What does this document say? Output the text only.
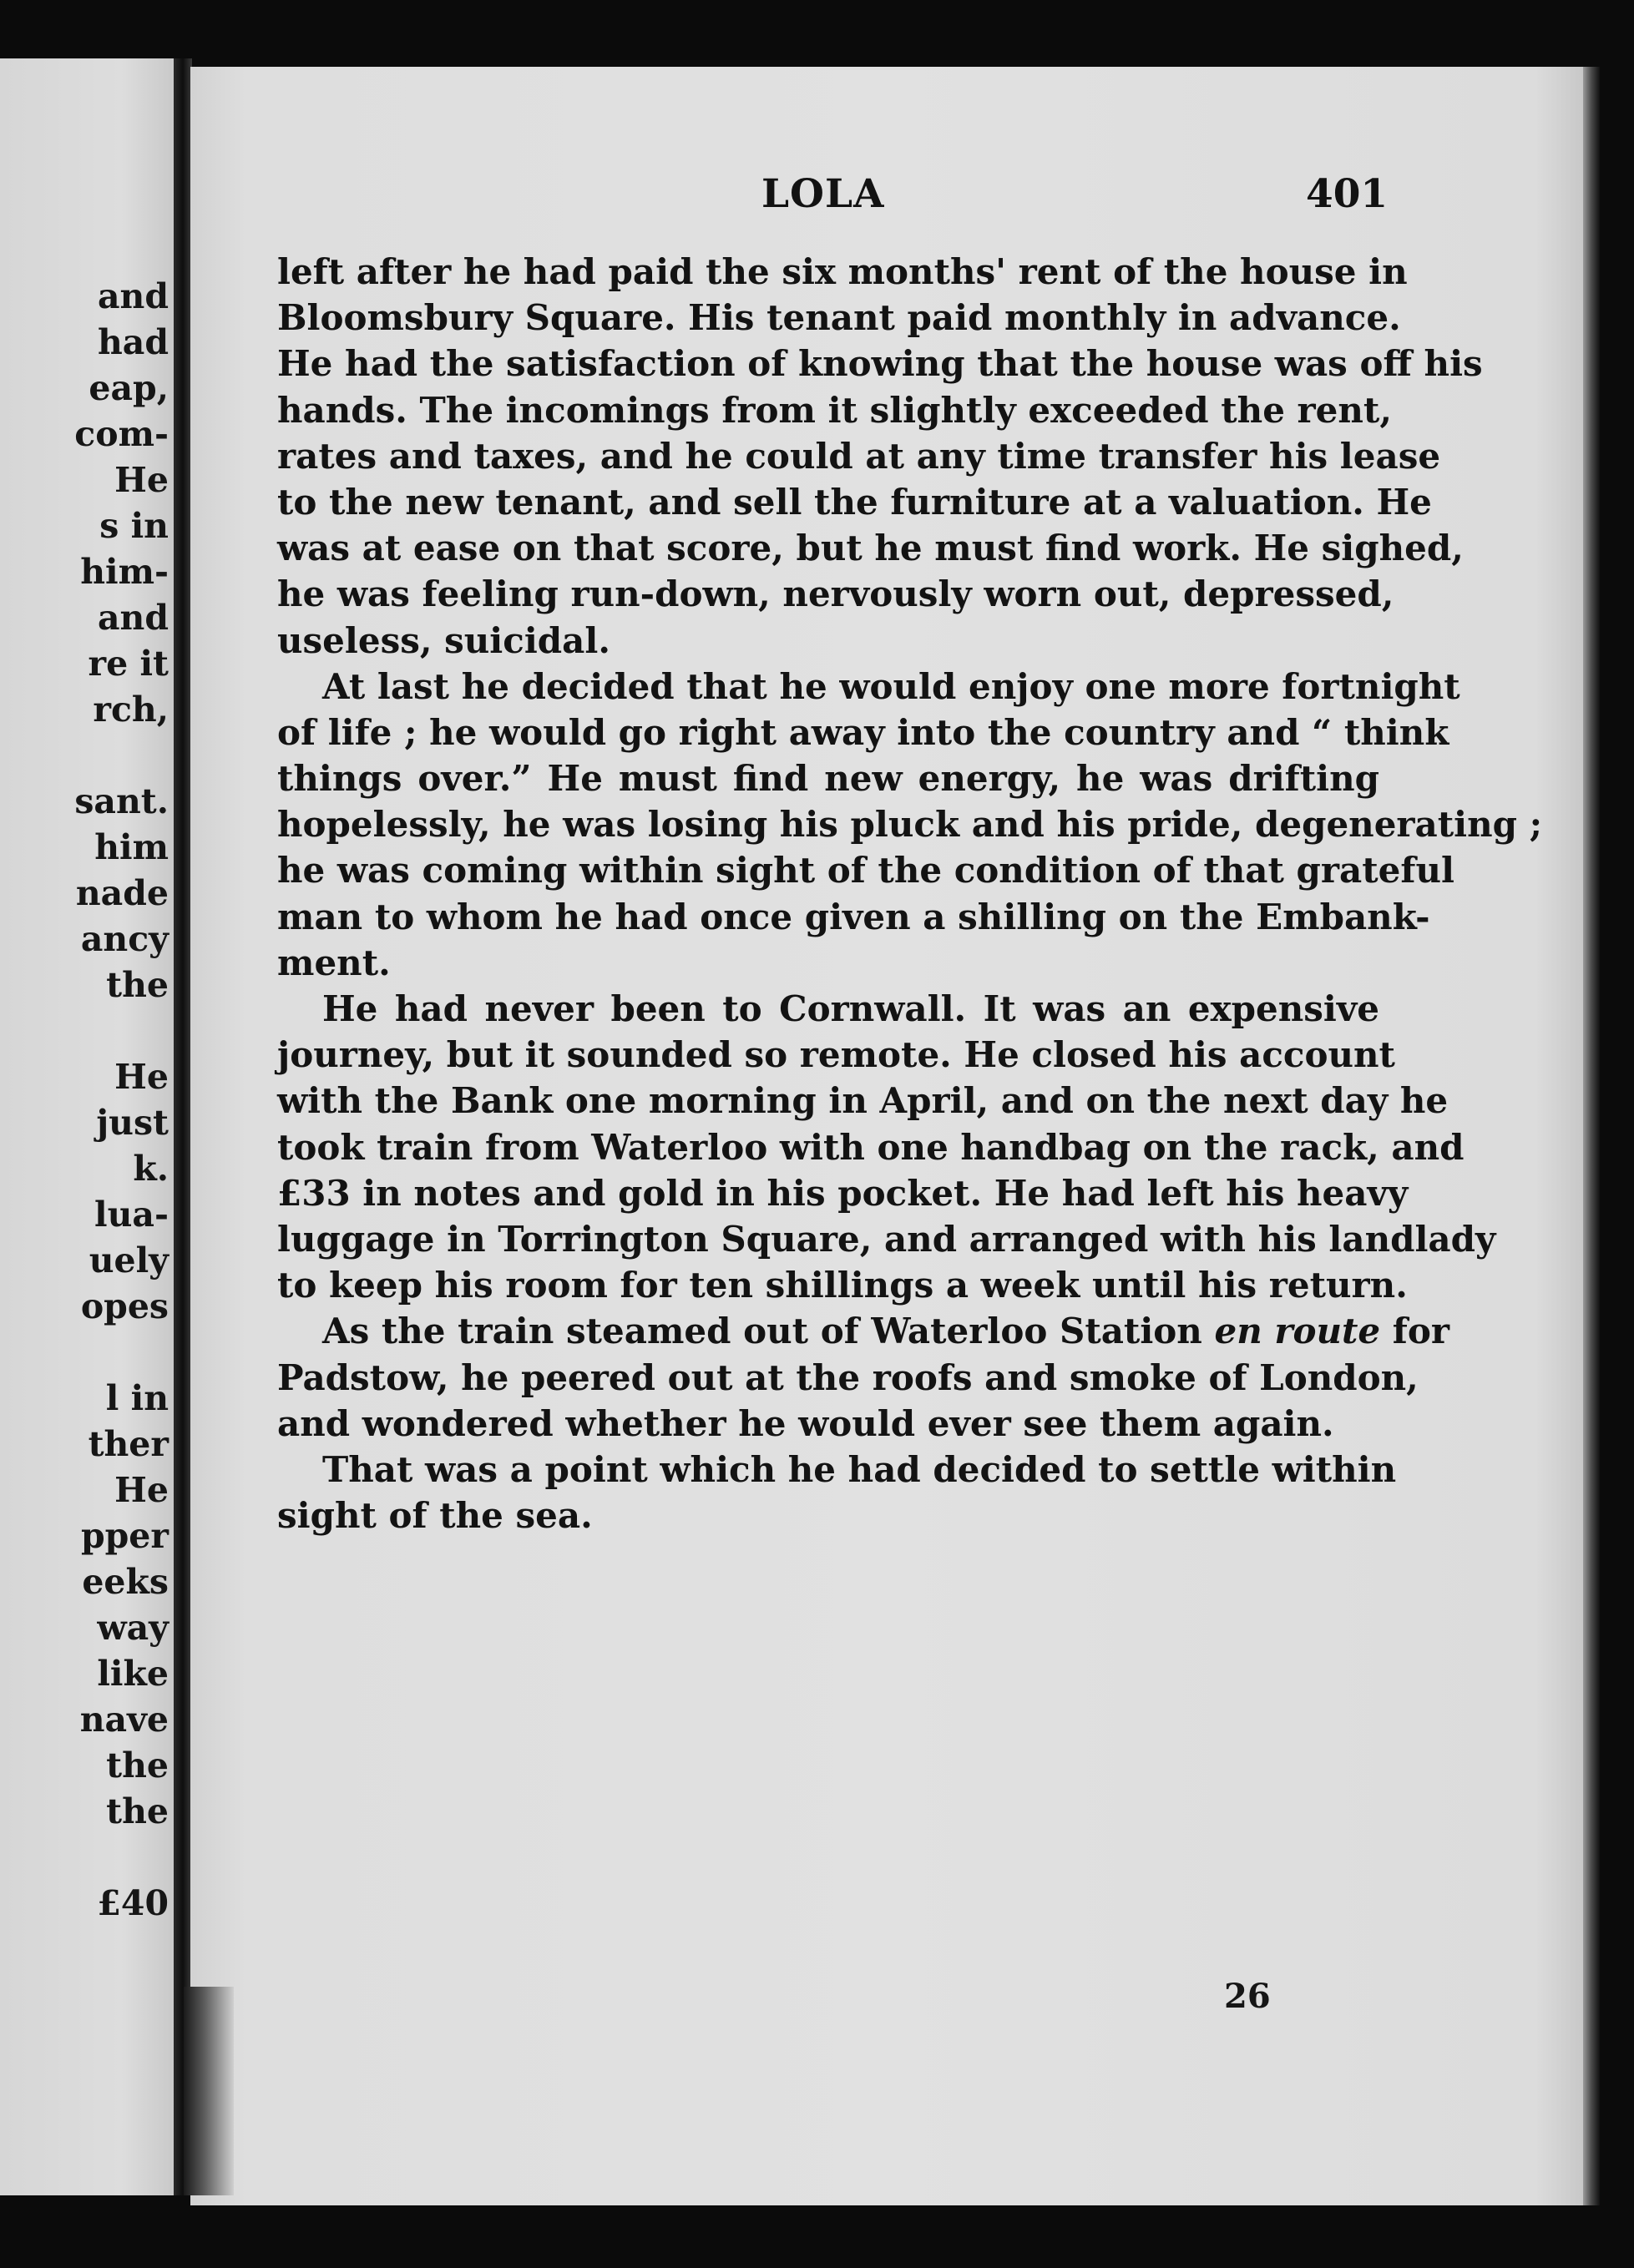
and
had
eap,
com-
He
s in
him-
and
re it
rch,
sant.
him
nade
ancy
the
He
just
k.
lua-
uely
opes
l in
ther
He
pper
eeks
way
like
nave
the
the
£40
LOLA	401
left after he had paid the six months' rent of the house in
Bloomsbury Square. His tenant paid monthly in advance.
He had the satisfaction of knowing that the house was off his
hands. The incomings from it slightly exceeded the rent,
rates and taxes, and he could at any time transfer his lease
to the new tenant, and sell the furniture at a valuation. He
was at ease on that score, but he must find work. He sighed,
he was feeling run-down, nervously worn out, depressed,
useless, suicidal.
At last he decided that he would enjoy one more fortnight
of life ; he would go right away into the country and “ think
things over.” He must find new energy, he was drifting
hopelessly, he was losing his pluck and his pride, degenerating ;
he was coming within sight of the condition of that grateful
man to whom he had once given a shilling on the Embank-
ment.
He had never been to Cornwall. It was an expensive
journey, but it sounded so remote. He closed his account
with the Bank one morning in April, and on the next day he
took train from Waterloo with one handbag on the rack, and
£33 in notes and gold in his pocket. He had left his heavy
luggage in Torrington Square, and arranged with his landlady
to keep his room for ten shillings a week until his return.
As the train steamed out of Waterloo Station en route for
Padstow, he peered out at the roofs and smoke of London,
and wondered whether he would ever see them again.
That was a point which he had decided to settle within
sight of the sea.
26
